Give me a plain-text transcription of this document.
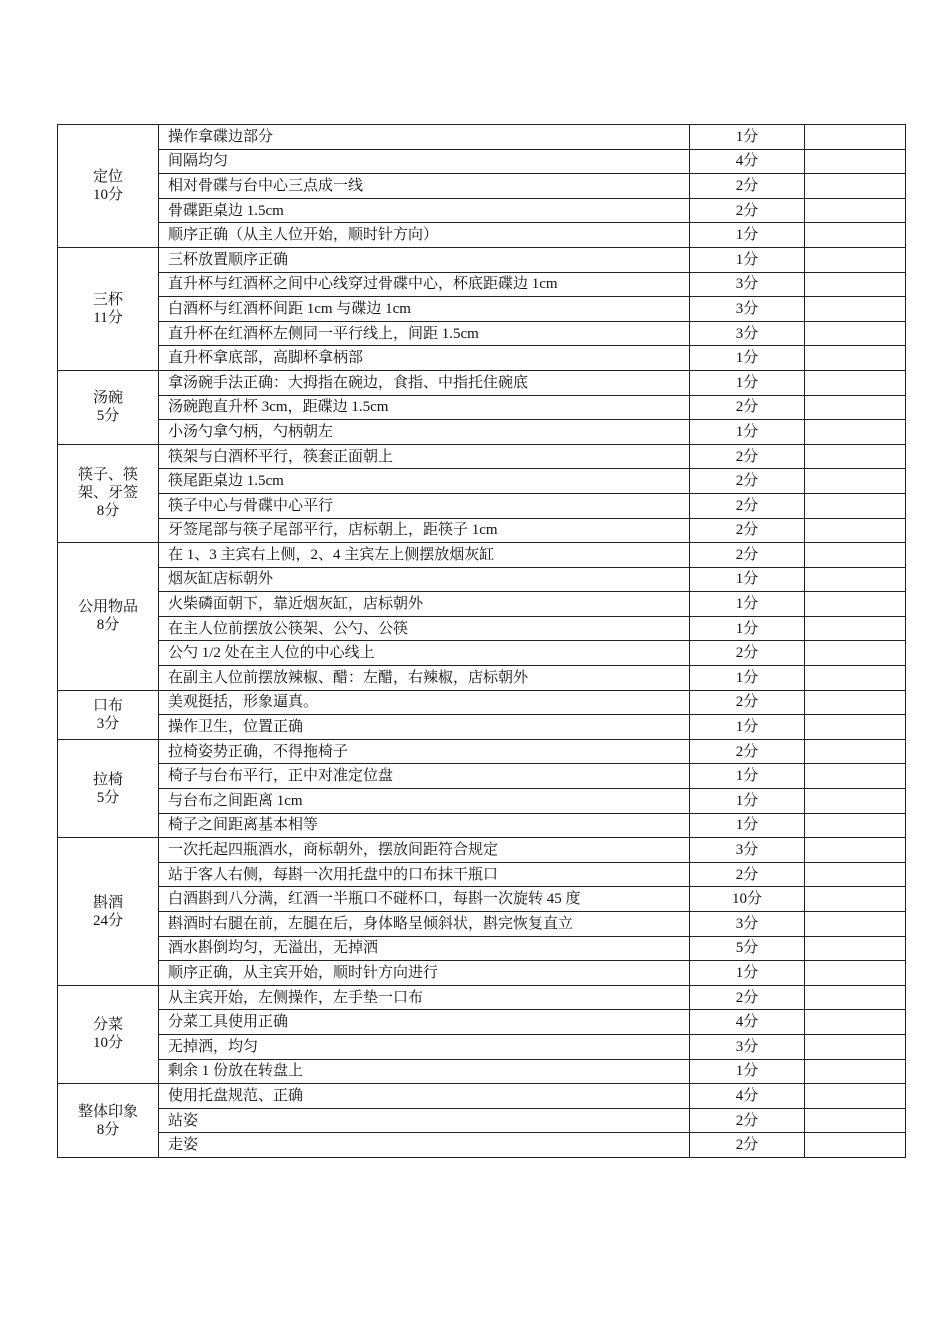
定位
10分	操作拿碟边部分	1分	
	间隔均匀	4分	
	相对骨碟与台中心三点成一线	2分	
	骨碟距桌边 1.5cm	2分	
	顺序正确（从主人位开始，顺时针方向）	1分	

三杯
11分	三杯放置顺序正确	1分	
	直升杯与红酒杯之间中心线穿过骨碟中心，杯底距碟边 1cm	3分	
	白酒杯与红酒杯间距 1cm 与碟边 1cm	3分	
	直升杯在红酒杯左侧同一平行线上，间距 1.5cm	3分	
	直升杯拿底部，高脚杯拿柄部	1分	

汤碗
5分	拿汤碗手法正确：大拇指在碗边，食指、中指托住碗底	1分	
	汤碗跑直升杯 3cm，距碟边 1.5cm	2分	
	小汤勺拿勺柄，勺柄朝左	1分	

筷子、筷
架、牙签
8分	筷架与白酒杯平行，筷套正面朝上	2分	
	筷尾距桌边 1.5cm	2分	
	筷子中心与骨碟中心平行	2分	
	牙签尾部与筷子尾部平行，店标朝上，距筷子 1cm	2分	

公用物品
8分	在 1、3 主宾右上侧，2、4 主宾左上侧摆放烟灰缸	2分	
	烟灰缸店标朝外	1分	
	火柴磷面朝下，靠近烟灰缸，店标朝外	1分	
	在主人位前摆放公筷架、公勺、公筷	1分	
	公勺 1/2 处在主人位的中心线上	2分	
	在副主人位前摆放辣椒、醋：左醋，右辣椒，店标朝外	1分	

口布
3分	美观挺括，形象逼真。	2分	
	操作卫生，位置正确	1分	

拉椅
5分	拉椅姿势正确，不得拖椅子	2分	
	椅子与台布平行，正中对准定位盘	1分	
	与台布之间距离 1cm	1分	
	椅子之间距离基本相等	1分	

斟酒
24分	一次托起四瓶酒水，商标朝外，摆放间距符合规定	3分	
	站于客人右侧，每斟一次用托盘中的口布抹干瓶口	2分	
	白酒斟到八分满，红酒一半瓶口不碰杯口，每斟一次旋转 45 度	10分	
	斟酒时右腿在前，左腿在后，身体略呈倾斜状，斟完恢复直立	3分	
	酒水斟倒均匀，无溢出，无掉洒	5分	
	顺序正确，从主宾开始，顺时针方向进行	1分	

分菜
10分	从主宾开始，左侧操作，左手垫一口布	2分	
	分菜工具使用正确	4分	
	无掉洒，均匀	3分	
	剩余 1 份放在转盘上	1分	

整体印象
8分	使用托盘规范、正确	4分	
	站姿	2分	
	走姿	2分	
